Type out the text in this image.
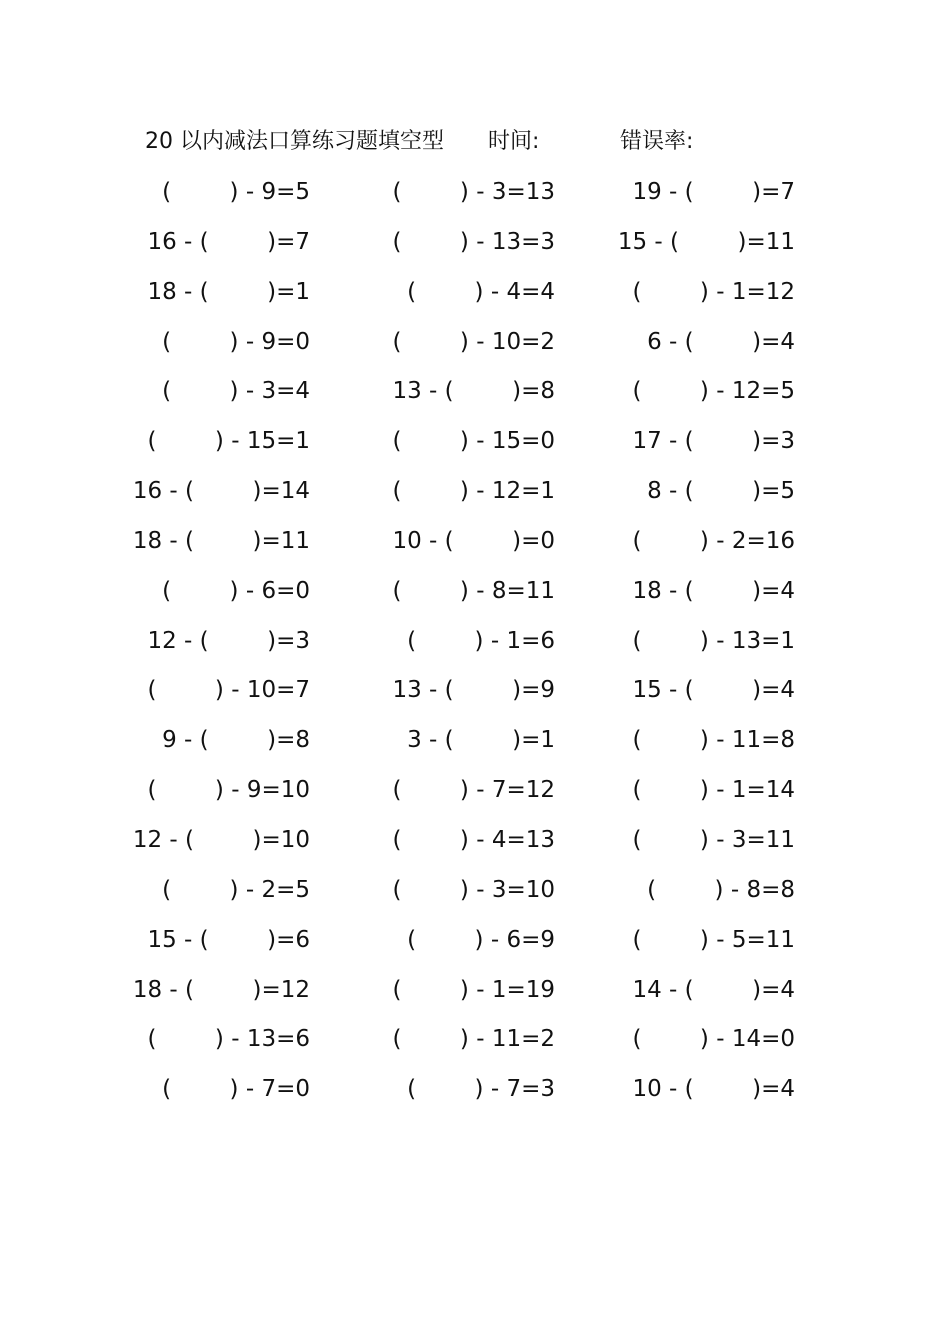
20 以内减法口算练习题填空型 时间:	错误率:
(        ) - 9=5	(        ) - 3=13	19 - (        )=7
16 - (        )=7	(        ) - 13=3	15 - (        )=11
18 - (        )=1	(        ) - 4=4	(        ) - 1=12
(        ) - 9=0	(        ) - 10=2	6 - (        )=4
(        ) - 3=4	13 - (        )=8	(        ) - 12=5
(        ) - 15=1	(        ) - 15=0	17 - (        )=3
16 - (        )=14	(        ) - 12=1	8 - (        )=5
18 - (        )=11	10 - (        )=0	(        ) - 2=16
(        ) - 6=0	(        ) - 8=11	18 - (        )=4
12 - (        )=3	(        ) - 1=6	(        ) - 13=1
(        ) - 10=7	13 - (        )=9	15 - (        )=4
9 - (        )=8	3 - (        )=1	(        ) - 11=8
(        ) - 9=10	(        ) - 7=12	(        ) - 1=14
12 - (        )=10	(        ) - 4=13	(        ) - 3=11
(        ) - 2=5	(        ) - 3=10	(        ) - 8=8
15 - (        )=6	(        ) - 6=9	(        ) - 5=11
18 - (        )=12	(        ) - 1=19	14 - (        )=4
(        ) - 13=6	(        ) - 11=2	(        ) - 14=0
(        ) - 7=0	(        ) - 7=3	10 - (        )=4
